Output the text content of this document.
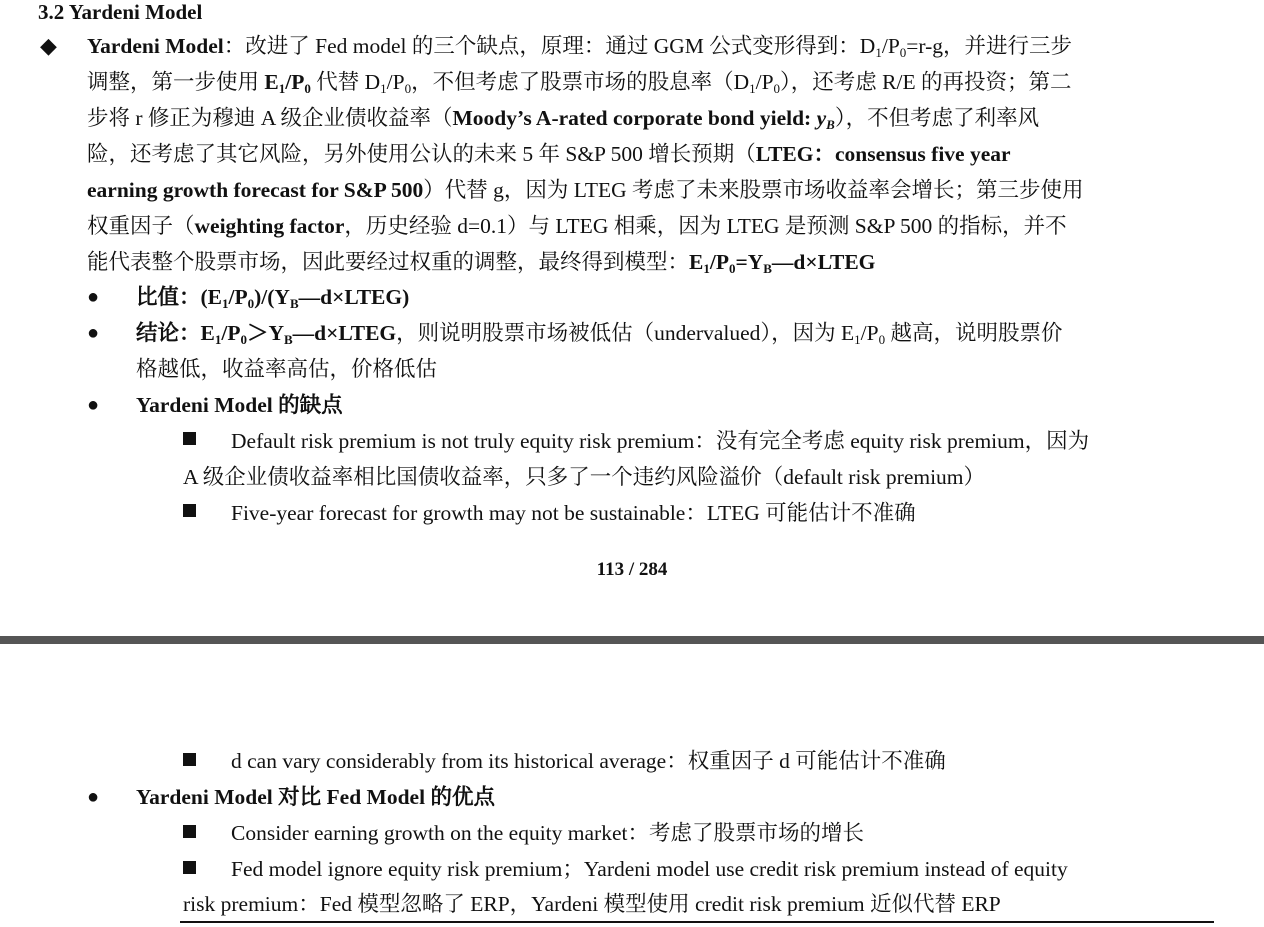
3.2 Yardeni Model
◆ Yardeni Model：改进了 Fed model 的三个缺点，原理：通过 GGM 公式变形得到：$D_1/P_0=r-g$，并进行三步
调整，第一步使用 $E_1/P_0$ 代替 $D_1/P_0$，不但考虑了股票市场的股息率$(D_1/P_0)$，还考虑 R/E 的再投资；第二
步将 r 修正为穆迪 A 级企业债收益率（Moody’s A-rated corporate bond yield: $y_B$），不但考虑了利率风
险，还考虑了其它风险，另外使用公认的未来 5 年 S&P 500 增长预期（LTEG：consensus five year
earning growth forecast for S&P 500）代替 g，因为 LTEG 考虑了未来股票市场收益率会增长；第三步使用
权重因子（weighting factor，历史经验 d=0.1）与 LTEG 相乘，因为 LTEG 是预测 S&P 500 的指标，并不
能代表整个股票市场，因此要经过权重的调整，最终得到模型：$E_1/P_0=Y_B—d\times LTEG$
● 比值：$(E_1/P_0)/(Y_B—d\times LTEG)$
● 结论：$E_1/P_0>Y_B—d\times LTEG$，则说明股票市场被低估（undervalued），因为 $E_1/P_0$ 越高，说明股票价
格越低，收益率高估，价格低估
● Yardeni Model 的缺点
Default risk premium is not truly equity risk premium：没有完全考虑 equity risk premium，因为
A 级企业债收益率相比国债收益率，只多了一个违约风险溢价（default risk premium）
Five-year forecast for growth may not be sustainable：LTEG 可能估计不准确
113 / 284
d can vary considerably from its historical average：权重因子 d 可能估计不准确
● Yardeni Model 对比 Fed Model 的优点
Consider earning growth on the equity market：考虑了股票市场的增长
Fed model ignore equity risk premium；Yardeni model use credit risk premium instead of equity
risk premium：Fed 模型忽略了 ERP，Yardeni 模型使用 credit risk premium 近似代替 ERP
